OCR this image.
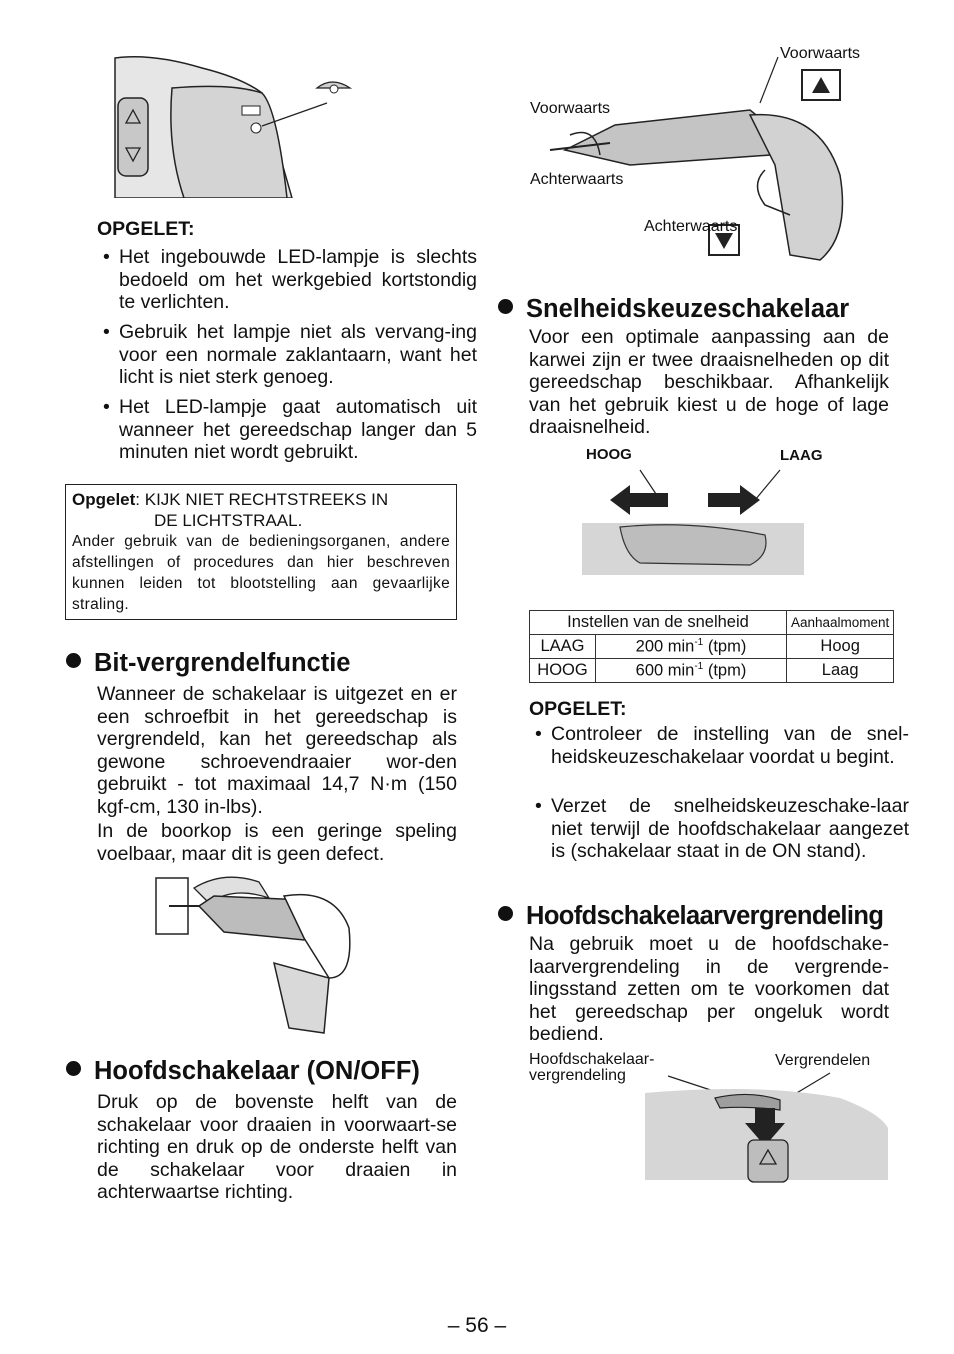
OPGELET:
• Het ingebouwde LED-lampje is slechts bedoeld om het werkgebied kortstondig te verlichten.
• Gebruik het lampje niet als vervang-ing voor een normale zaklantaarn, want het licht is niet sterk genoeg.
• Het LED-lampje gaat automatisch uit wanneer het gereedschap langer dan 5 minuten niet wordt gebruikt.
Opgelet: KIJK NIET RECHTSTREEKS IN
DE LICHTSTRAAL.
Ander gebruik van de bedieningsorganen, andere afstellingen of procedures dan hier beschreven kunnen leiden tot blootstelling aan gevaarlijke straling.
Bit-vergrendelfunctie
Wanneer de schakelaar is uitgezet en er een schroefbit in het gereedschap is vergrendeld, kan het gereedschap als gewone schroevendraaier wor-den gebruikt - tot maximaal 14,7 N·m (150 kgf-cm, 130 in-lbs).
In de boorkop is een geringe speling voelbaar, maar dit is geen defect.
Hoofdschakelaar (ON/OFF)
Druk op de bovenste helft van de schakelaar voor draaien in voorwaart-se richting en druk op de onderste helft van de schakelaar voor draaien in achterwaartse richting.
Voorwaarts
Voorwaarts
Achterwaarts
Achterwaarts
Snelheidskeuzeschakelaar
Voor een optimale aanpassing aan de karwei zijn er twee draaisnelheden op dit gereedschap beschikbaar. Afhankelijk van het gebruik kiest u de hoge of lage draaisnelheid.
HOOG	LAAG
Instellen van de snelheid		Aanhaalmoment
LAAG	200 $\min^{-1} (tpm)$	Hoog
HOOG	600 $\min^{-1} (tpm)$	Laag
OPGELET:
• Controleer de instelling van de snel-heidskeuzeschakelaar voordat u begint.
• Verzet de snelheidskeuzeschake-laar niet terwijl de hoofdschakelaar aangezet is (schakelaar staat in de ON stand).
Hoofdschakelaarvergrendeling
Na gebruik moet u de hoofdschake-laarvergrendeling in de vergrende-lingsstand zetten om te voorkomen dat het gereedschap per ongeluk wordt bediend.
Hoofdschakelaar-
vergrendeling
Vergrendelen
– 56 –
